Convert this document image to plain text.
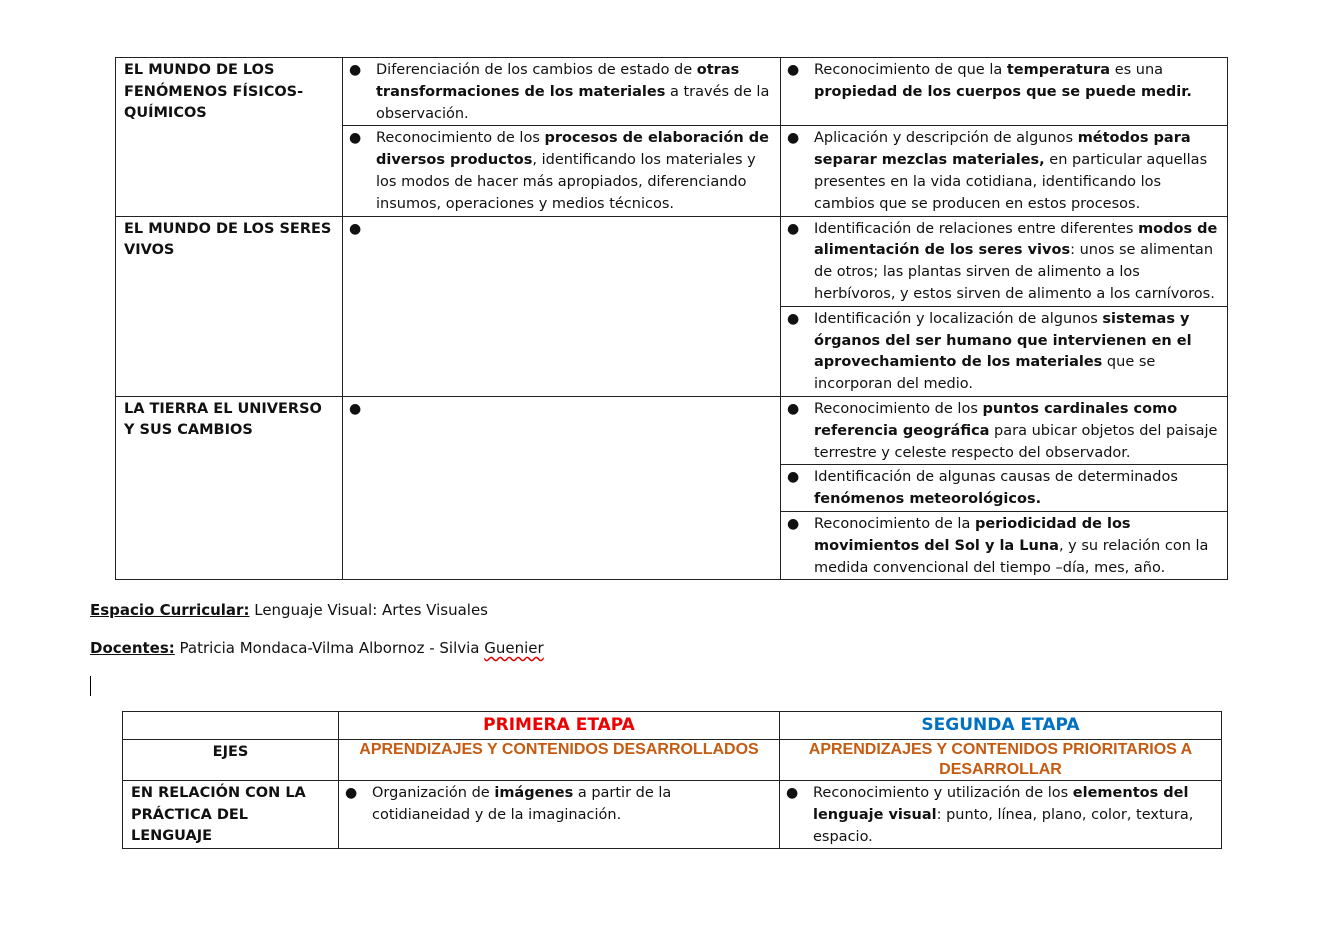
EL MUNDO DE LOS FENÓMENOS FÍSICOS-QUÍMICOS	● Diferenciación de los cambios de estado de otras transformaciones de los materiales a través de la observación.	● Reconocimiento de que la temperatura es una propiedad de los cuerpos que se puede medir.

	● Reconocimiento de los procesos de elaboración de diversos productos, identificando los materiales y los modos de hacer más apropiados, diferenciando insumos, operaciones y medios técnicos.	● Aplicación y descripción de algunos métodos para separar mezclas materiales, en particular aquellas presentes en la vida cotidiana, identificando los cambios que se producen en estos procesos.

EL MUNDO DE LOS SERES VIVOS	●	● Identificación de relaciones entre diferentes modos de alimentación de los seres vivos: unos se alimentan de otros; las plantas sirven de alimento a los herbívoros, y estos sirven de alimento a los carnívoros.

		● Identificación y localización de algunos sistemas y órganos del ser humano que intervienen en el aprovechamiento de los materiales que se incorporan del medio.

LA TIERRA EL UNIVERSO Y SUS CAMBIOS	●	● Reconocimiento de los puntos cardinales como referencia geográfica para ubicar objetos del paisaje terrestre y celeste respecto del observador.

		● Identificación de algunas causas de determinados fenómenos meteorológicos.

		● Reconocimiento de la periodicidad de los movimientos del Sol y la Luna, y su relación con la medida convencional del tiempo –día, mes, año.
Espacio Curricular: Lenguaje Visual: Artes Visuales
Docentes: Patricia Mondaca-Vilma Albornoz - Silvia Guenier
	PRIMERA ETAPA	SEGUNDA ETAPA
EJES	APRENDIZAJES Y CONTENIDOS DESARROLLADOS	APRENDIZAJES Y CONTENIDOS PRIORITARIOS A DESARROLLAR
EN RELACIÓN CON LA PRÁCTICA DEL LENGUAJE	● Organización de imágenes a partir de la cotidianeidad y de la imaginación.	● Reconocimiento y utilización de los elementos del lenguaje visual: punto, línea, plano, color, textura, espacio.
